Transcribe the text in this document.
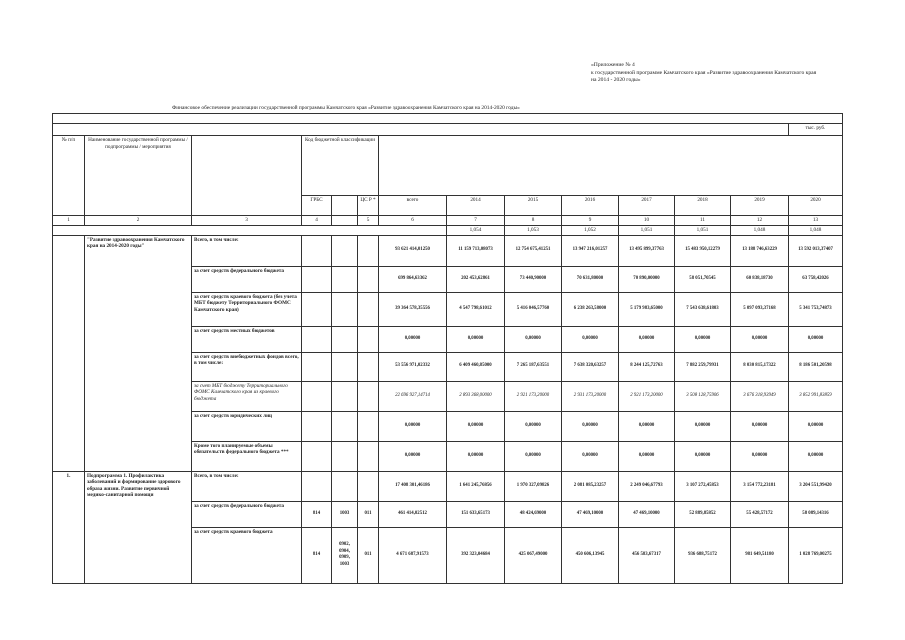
«Приложение № 4
к государственной программе Камчатского края «Развитие здравоохранения Камчатского края
на 2014 - 2020 годы»
Финансовое обеспечение реализации государственной программы Камчатского края «Развитие здравоохранения Камчатского края на 2014-2020 годы»

													тыс. руб.
№ п/п	Наименование государственной программы / подпрограммы / мероприятия		Код бюджетной классификации										
			ГРБС		ЦС Р *	всего	2014	2015	2016	2017	2018	2019	2020
1	2	3	4		5	6	7	8	9	10	11	12	13
							1,054	1,053	1,052	1,051	1,051	1,048	1,048
	"Развитие здравоохранения Камчатского края на 2014-2020 годы"	Всего, в том числе:				93 621 414,01250	11 159 713,08073	12 754 675,41251	13 947 216,01257	13 495 899,37763	15 483 950,12279	13 188 746,63229	13 592 013,37407
		за счет средств федерального бюджета				699 864,63362	202 453,62861	73 440,90000	70 631,80000	70 890,00000	58 051,70545	60 838,18730	63 758,42026
		за счет средств краевого бюджета (без учета МБТ бюджету Территориального ФОМС Камчатского края)				39 364 578,35556	4 547 798,61012	5 416 046,57760	6 238 263,58000	5 179 983,65000	7 543 638,61803	5 097 093,37168	5 341 753,74873
		за счет средств местных бюджетов				0,00000	0,00000	0,00000	0,00000	0,00000	0,00000	0,00000	0,00000
		за счет средств внебюджетных фондов всего, в том числе:				53 556 971,02332	6 409 460,85000	7 265 187,63551	7 638 320,63257	8 244 125,72763	7 882 259,79931	8 030 815,17322	8 186 501,20598
		за счет МБТ бюджету Территориального ФОМС Камчатского края из краевого бюджета				22 696 927,14714	2 893 368,00000	2 921 173,20000	2 931 173,20000	2 921 173,20000	3 508 128,75906	3 676 318,93949	3 852 991,83859
		за счет средств юридических лиц				0,00000	0,00000	0,00000	0,00000	0,00000	0,00000	0,00000	0,00000
		Кроме того планируемые объемы обязательств федерального бюджета ***				0,00000	0,00000	0,00000	0,00000	0,00000	0,00000	0,00000	0,00000
1.	Подпрограмма 1. Профилактика заболеваний и формирование здорового образа жизни. Развитие первичной медико-санитарной помощи	Всего, в том числе:				17 408 301,46186	1 641 245,76856	1 970 327,09826	2 081 085,23257	2 249 046,67793	3 107 272,45853	3 154 772,23181	3 204 551,99420
		за счет средств федерального бюджета	814	1003	011	461 414,02512	151 633,65173	48 424,69000	47 469,10000	47 469,10000	52 889,85852	55 428,57172	58 089,14316
		за счет средств краевого бюджета	814	0902, 0904, 0909, 1003	011	4 671 687,91573	392 323,04684	425 067,49000	450 606,13945	456 583,67317	936 688,75172	981 649,51180	1 028 769,00275
